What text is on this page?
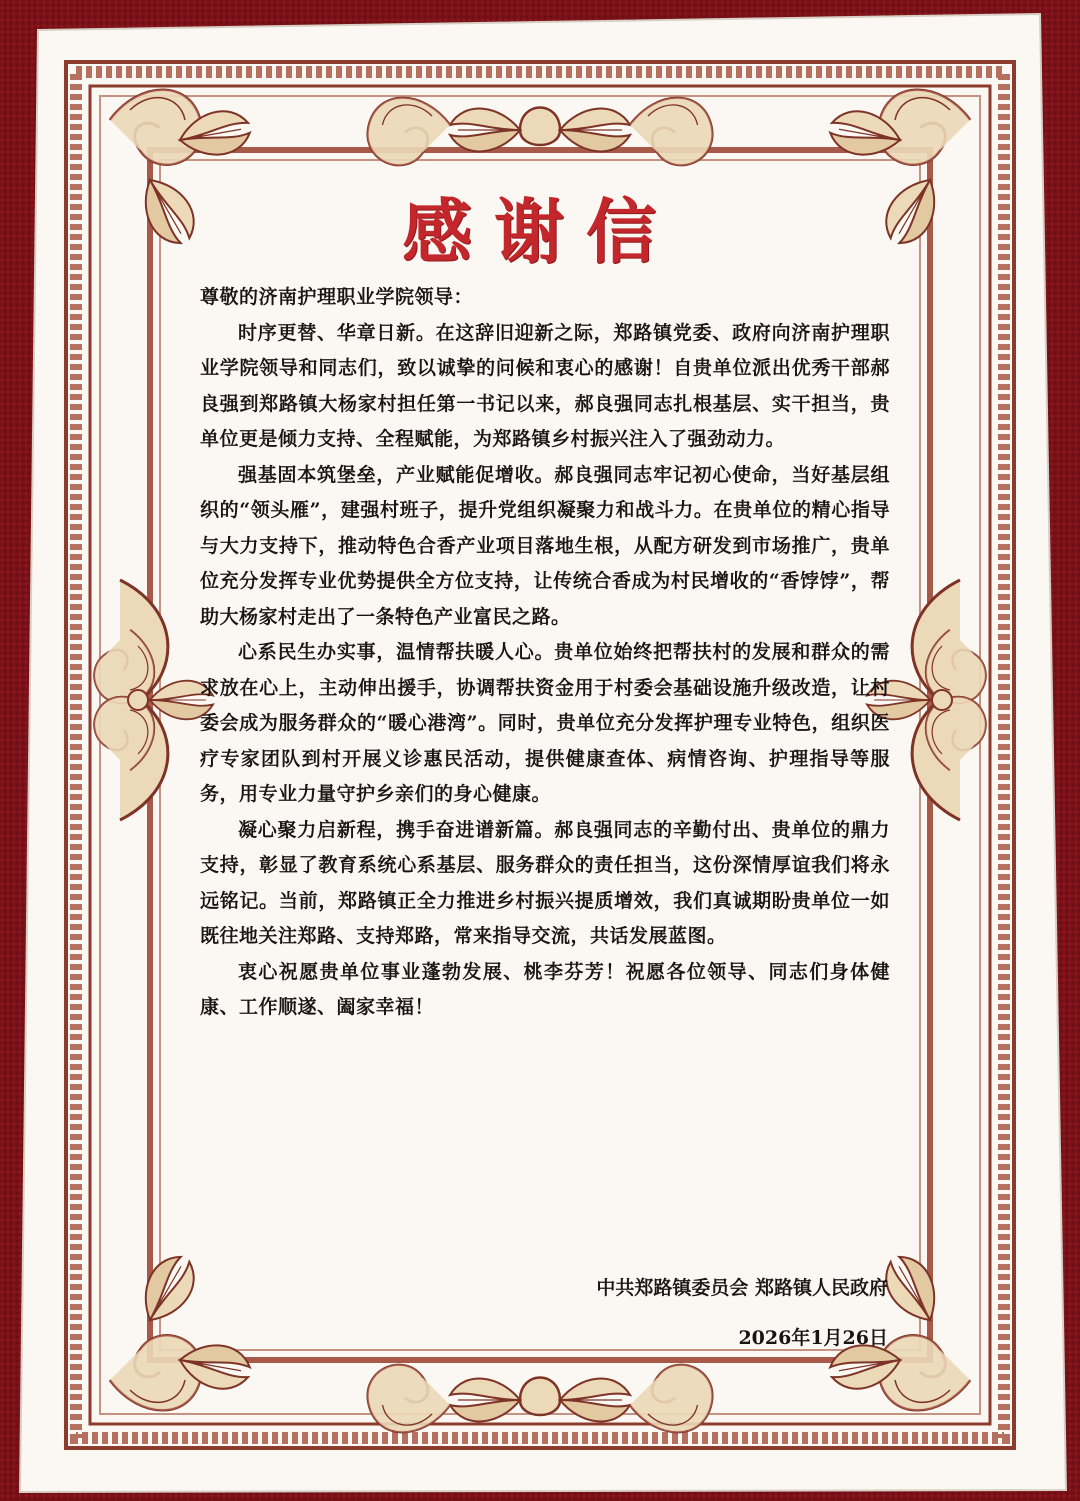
感谢信

尊敬的济南护理职业学院领导：

时序更替、华章日新。在这辞旧迎新之际，郑路镇党委、政府向济南护理职业学院领导和同志们，致以诚挚的问候和衷心的感谢！自贵单位派出优秀干部郝良强到郑路镇大杨家村担任第一书记以来，郝良强同志扎根基层、实干担当，贵单位更是倾力支持、全程赋能，为郑路镇乡村振兴注入了强劲动力。

强基固本筑堡垒，产业赋能促增收。郝良强同志牢记初心使命，当好基层组织的“领头雁”，建强村班子，提升党组织凝聚力和战斗力。在贵单位的精心指导与大力支持下，推动特色合香产业项目落地生根，从配方研发到市场推广，贵单位充分发挥专业优势提供全方位支持，让传统合香成为村民增收的“香饽饽”，帮助大杨家村走出了一条特色产业富民之路。

心系民生办实事，温情帮扶暖人心。贵单位始终把帮扶村的发展和群众的需求放在心上，主动伸出援手，协调帮扶资金用于村委会基础设施升级改造，让村委会成为服务群众的“暖心港湾”。同时，贵单位充分发挥护理专业特色，组织医疗专家团队到村开展义诊惠民活动，提供健康查体、病情咨询、护理指导等服务，用专业力量守护乡亲们的身心健康。

凝心聚力启新程，携手奋进谱新篇。郝良强同志的辛勤付出、贵单位的鼎力支持，彰显了教育系统心系基层、服务群众的责任担当，这份深情厚谊我们将永远铭记。当前，郑路镇正全力推进乡村振兴提质增效，我们真诚期盼贵单位一如既往地关注郑路、支持郑路，常来指导交流，共话发展蓝图。

衷心祝愿贵单位事业蓬勃发展、桃李芬芳！祝愿各位领导、同志们身体健康、工作顺遂、阖家幸福！

中共郑路镇委员会 郑路镇人民政府
2026年1月26日
